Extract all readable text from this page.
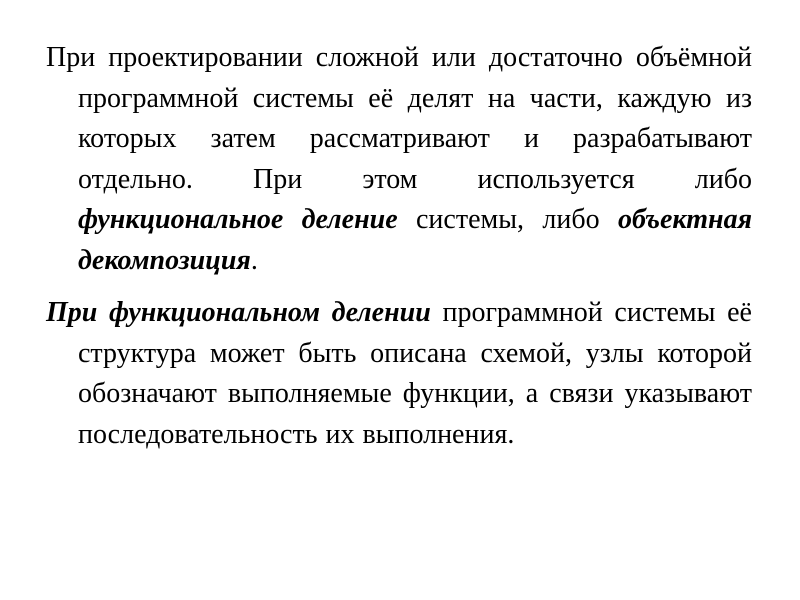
При проектировании сложной или достаточно объёмной программной системы её делят на части, каждую из которых затем рассматривают и разрабатывают отдельно. При этом используется либо функциональное деление системы, либо объектная декомпозиция.

При функциональном делении программной системы её структура может быть описана схемой, узлы которой обозначают выполняемые функции, а связи указывают последовательность их выполнения.
